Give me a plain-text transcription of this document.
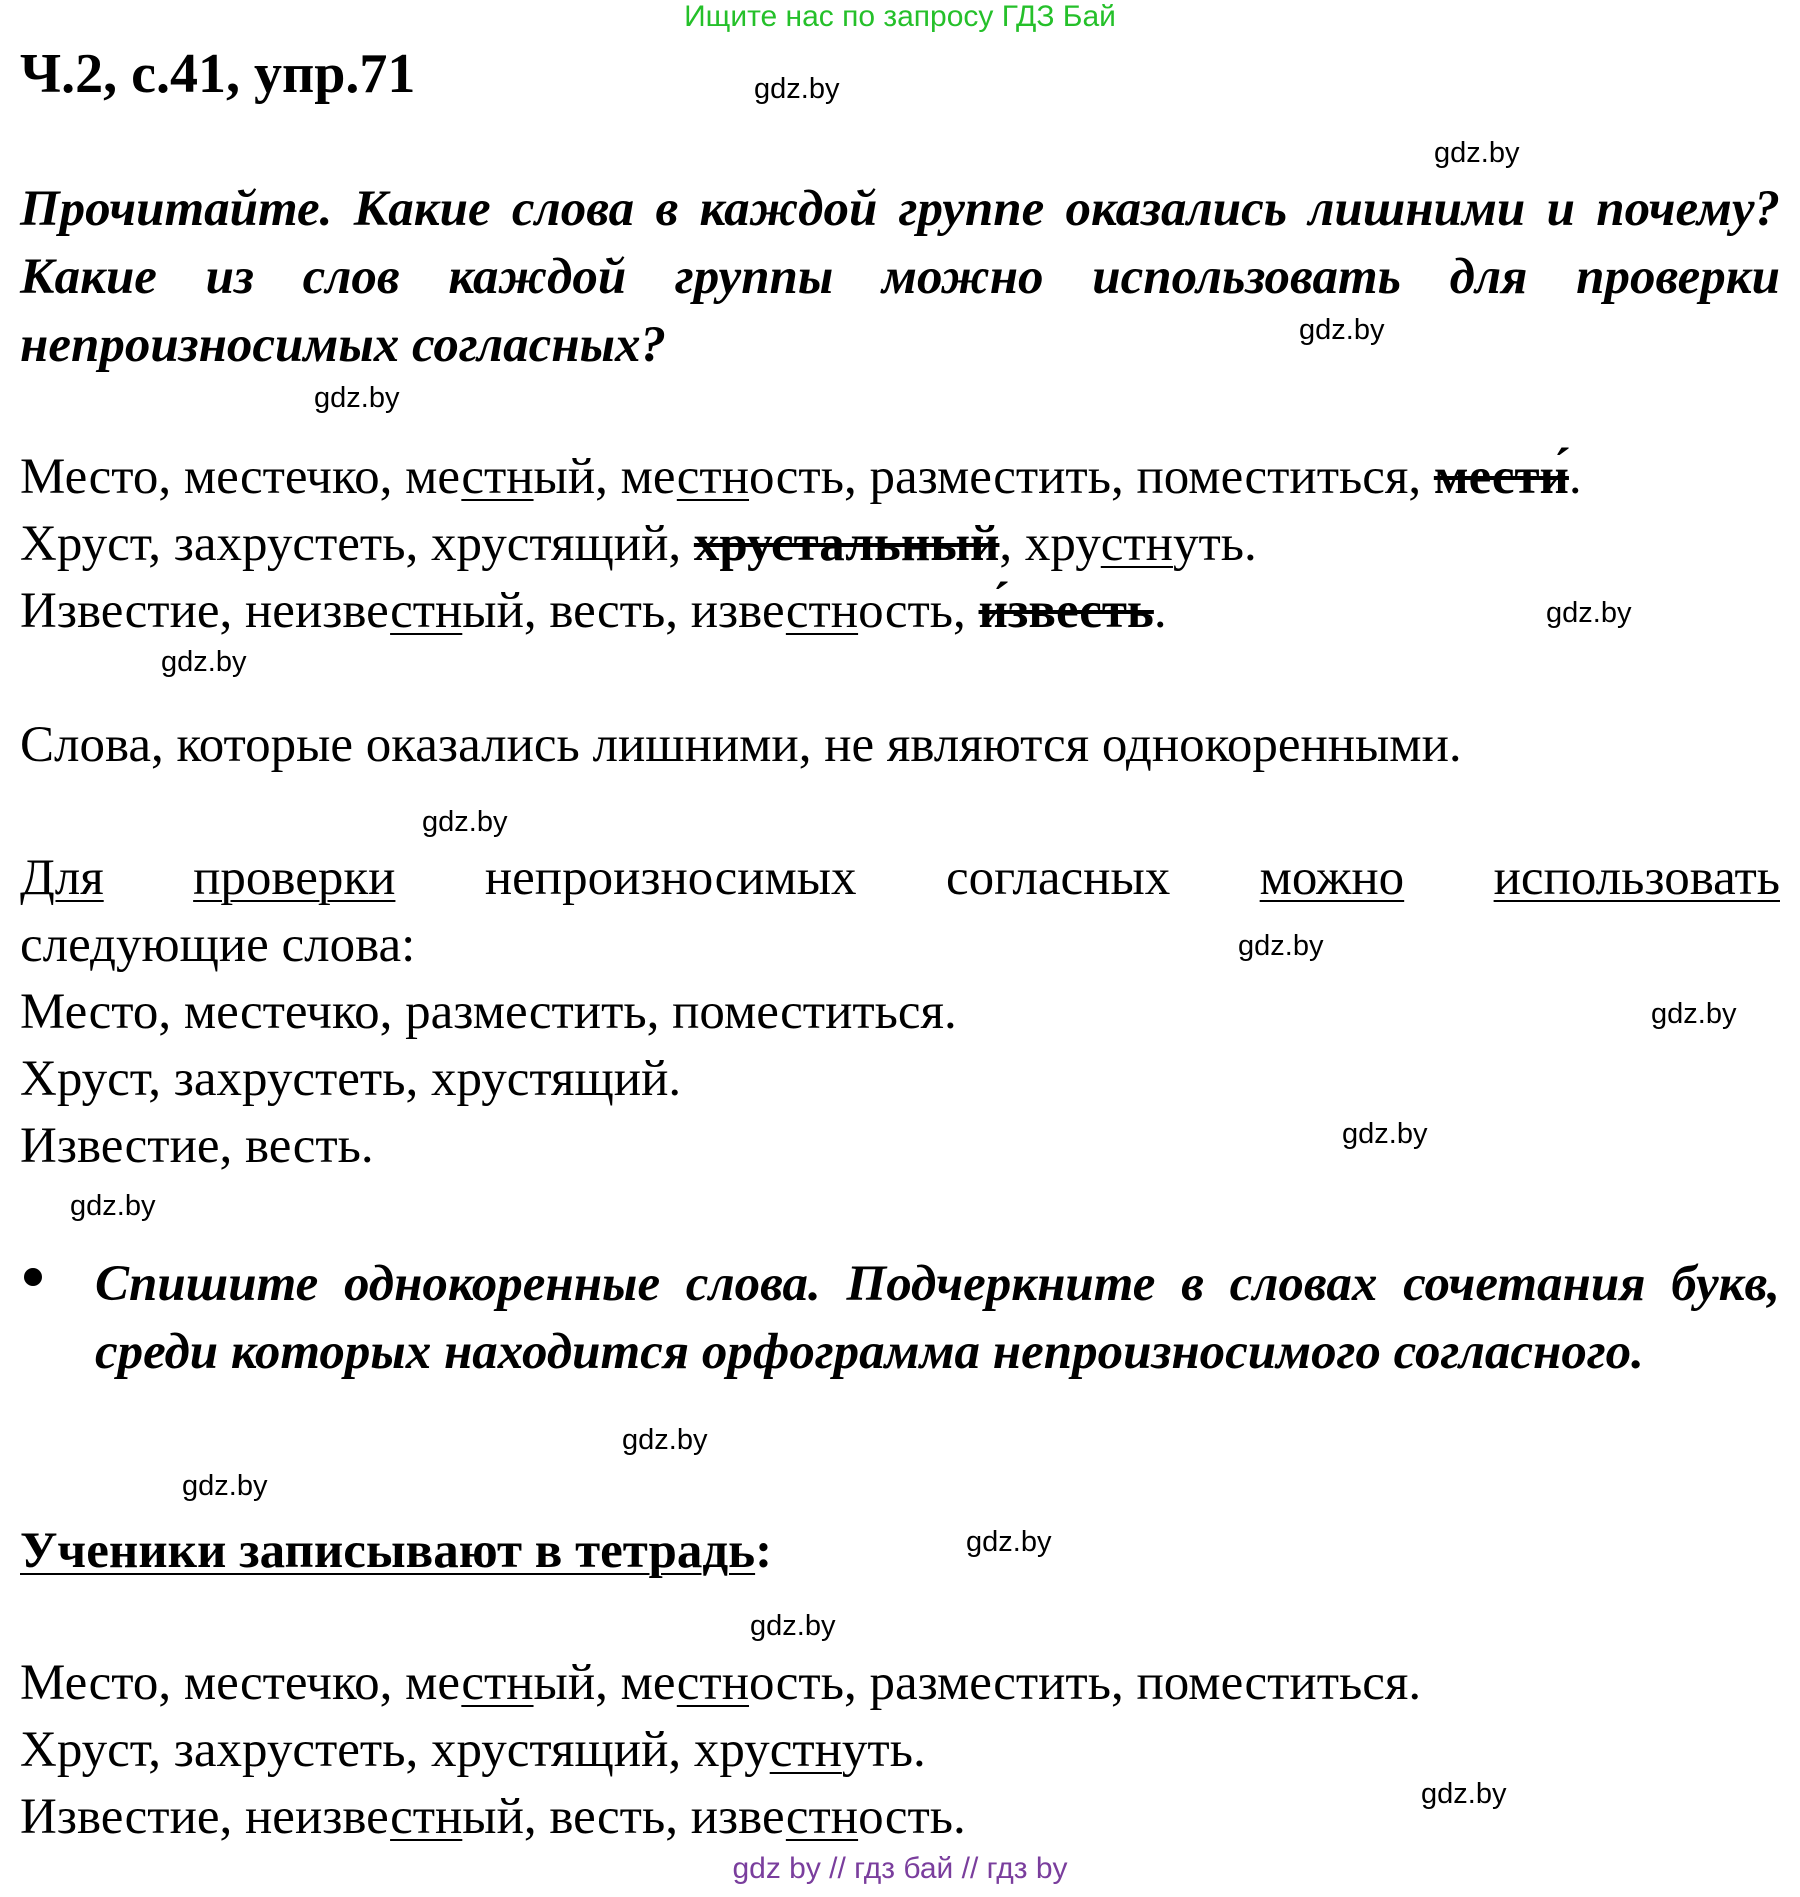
Ищите нас по запросу ГДЗ Бай
Ч.2, с.41, упр.71
Прочитайте. Какие слова в каждой группе оказались лишними и почему? Какие из слов каждой группы можно использовать для проверки непроизносимых согласных?
Место, местечко, местный, местность, разместить, поместиться, мести́.
Хруст, захрустеть, хрустящий, хрустальный, хрустнуть.
Известие, неизвестный, весть, известность, и́звесть.
Слова, которые оказались лишними, не являются однокоренными.
Для проверки непроизносимых согласных можно использовать
следующие слова:
Место, местечко, разместить, поместиться.
Хруст, захрустеть, хрустящий.
Известие, весть.
Спишите однокоренные слова. Подчеркните в словах сочетания букв, среди которых находится орфограмма непроизносимого согласного.
Ученики записывают в тетрадь:
Место, местечко, местный, местность, разместить, поместиться.
Хруст, захрустеть, хрустящий, хрустнуть.
Известие, неизвестный, весть, известность.
gdz.by
gdz.by
gdz.by
gdz.by
gdz.by
gdz.by
gdz.by
gdz.by
gdz.by
gdz.by
gdz.by
gdz.by
gdz.by
gdz.by
gdz.by
gdz.by
gdz by // гдз бай // гдз by
